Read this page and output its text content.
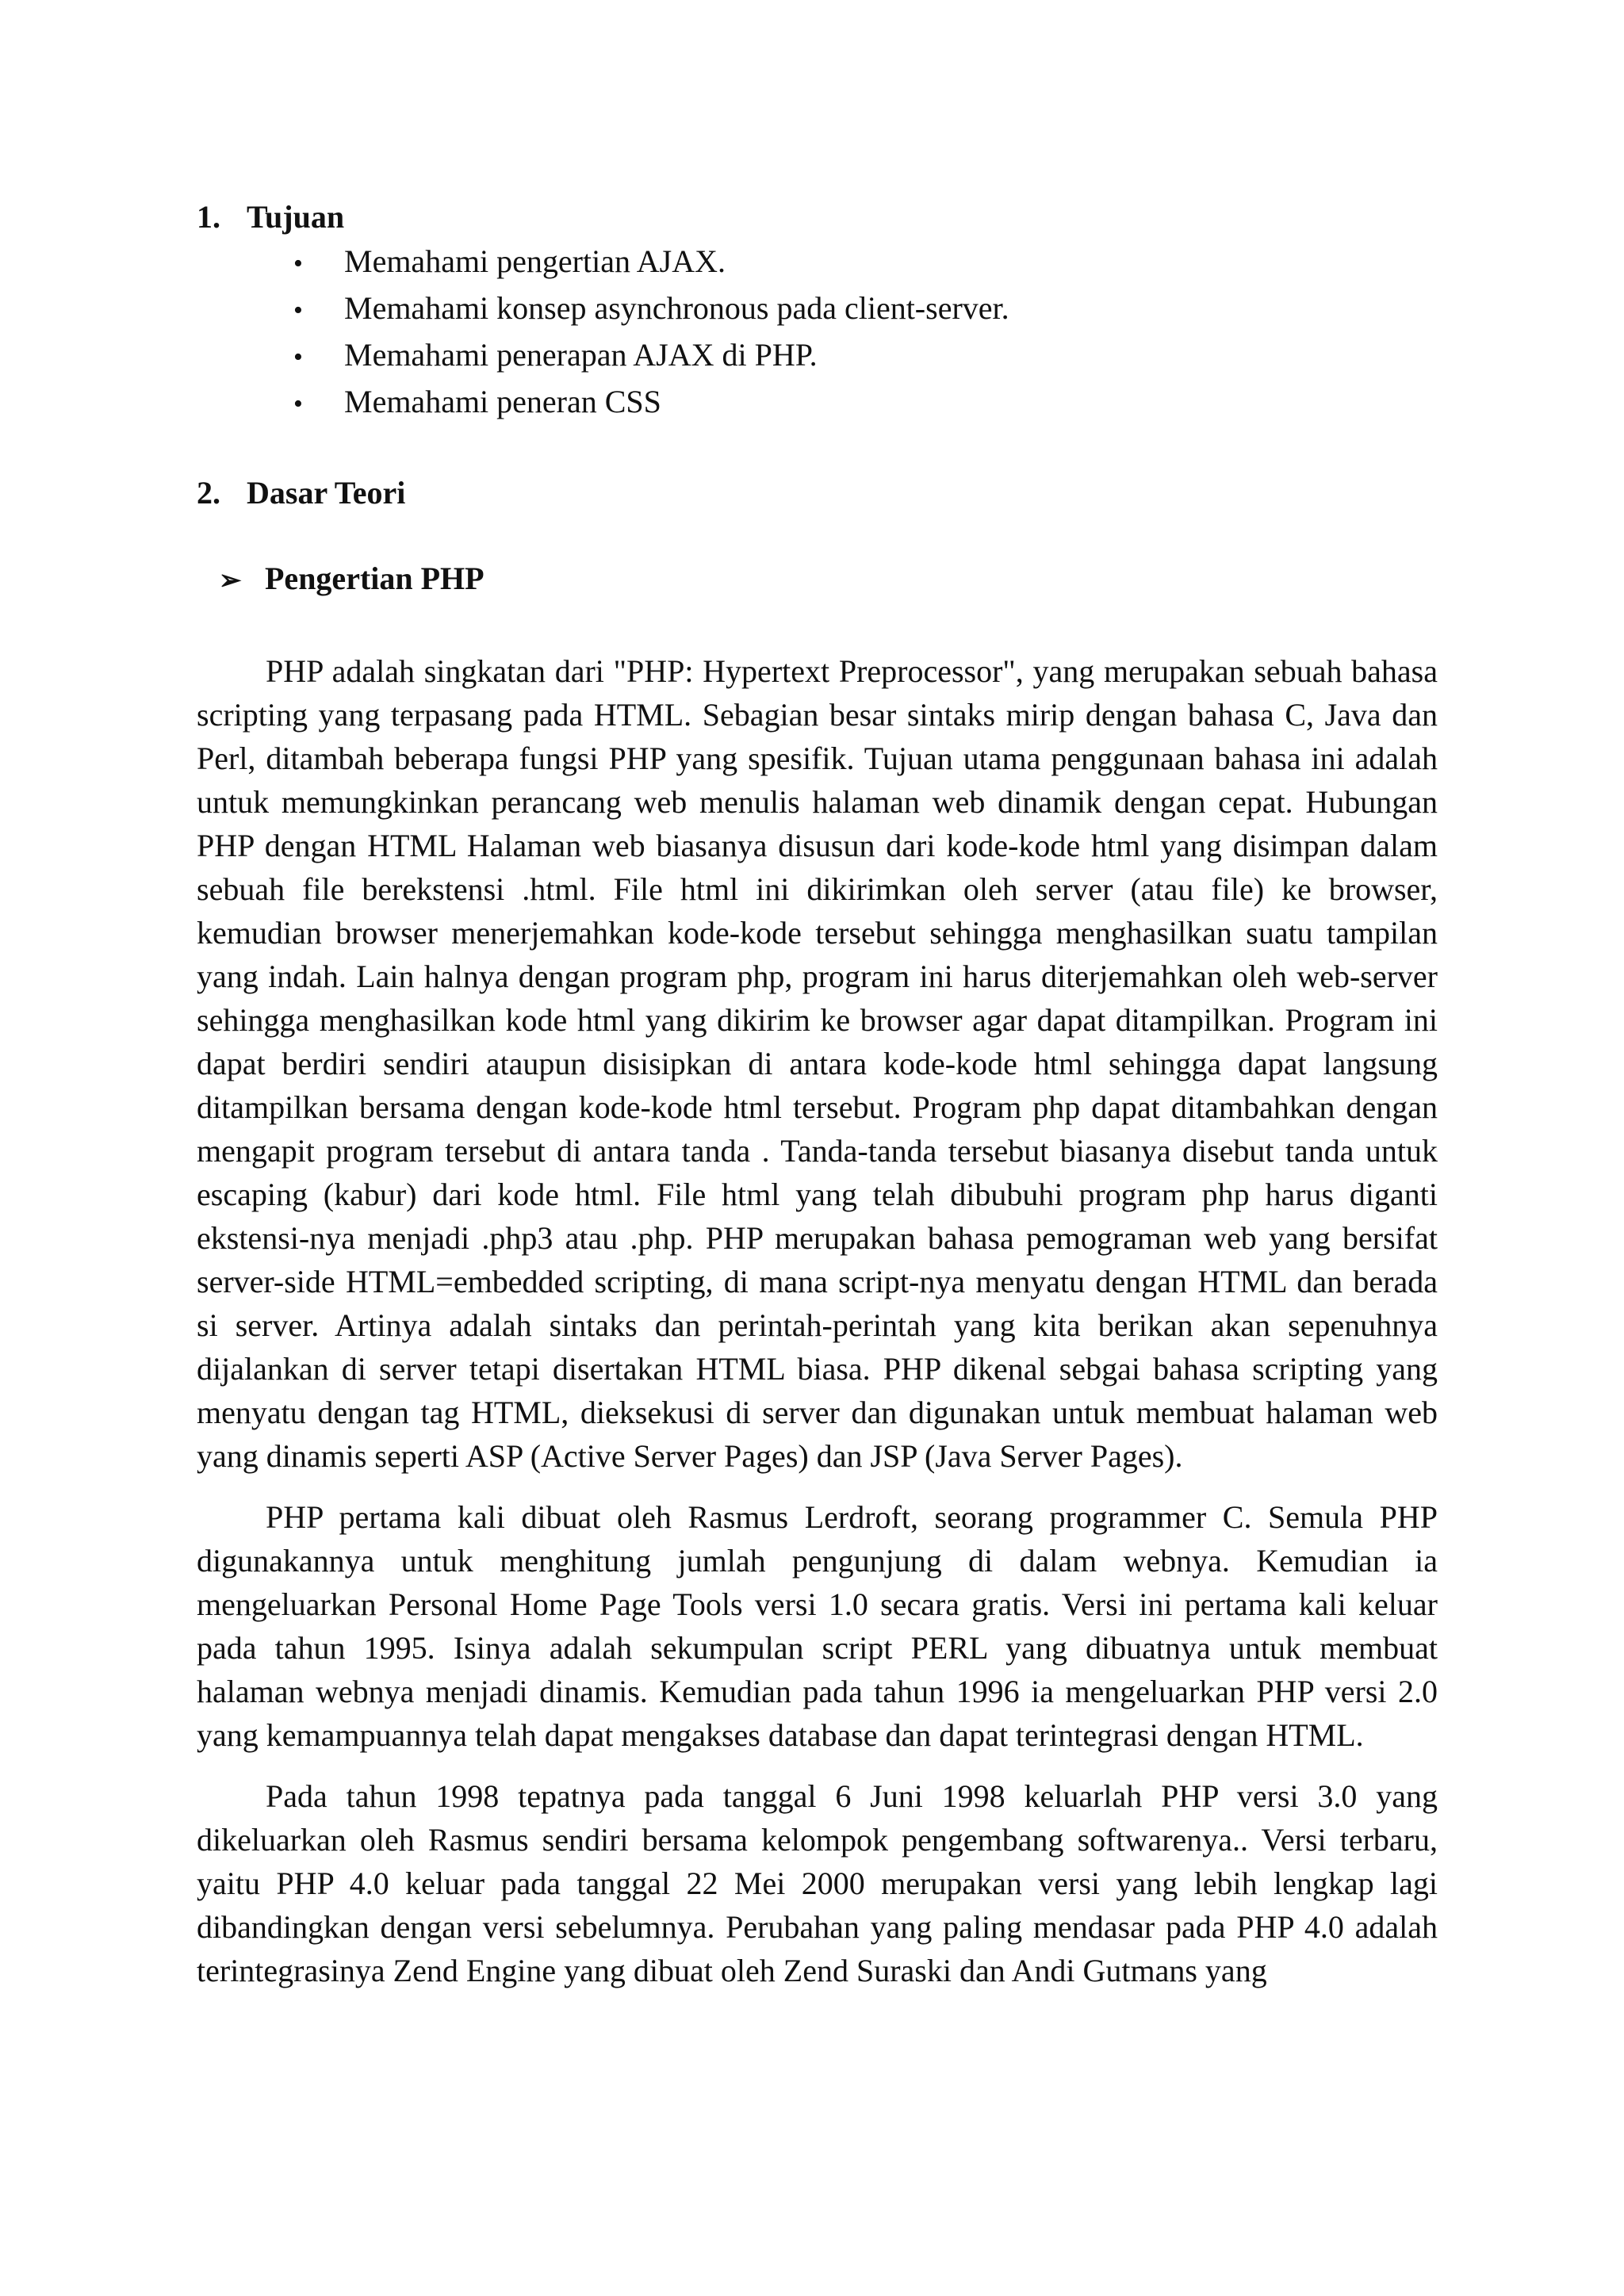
1. Tujuan
•	Memahami pengertian AJAX.
•	Memahami konsep asynchronous pada client-server.
•	Memahami penerapan AJAX di PHP.
•	Memahami peneran CSS
2. Dasar Teori
➢ Pengertian PHP

PHP adalah singkatan dari "PHP: Hypertext Preprocessor", yang merupakan sebuah bahasa scripting yang terpasang pada HTML. Sebagian besar sintaks mirip dengan bahasa C, Java dan Perl, ditambah beberapa fungsi PHP yang spesifik. Tujuan utama penggunaan bahasa ini adalah untuk memungkinkan perancang web menulis halaman web dinamik dengan cepat. Hubungan PHP dengan HTML Halaman web biasanya disusun dari kode-kode html yang disimpan dalam sebuah file berekstensi .html. File html ini dikirimkan oleh server (atau file) ke browser, kemudian browser menerjemahkan kode-kode tersebut sehingga menghasilkan suatu tampilan yang indah. Lain halnya dengan program php, program ini harus diterjemahkan oleh web-server sehingga menghasilkan kode html yang dikirim ke browser agar dapat ditampilkan. Program ini dapat berdiri sendiri ataupun disisipkan di antara kode-kode html sehingga dapat langsung ditampilkan bersama dengan kode-kode html tersebut. Program php dapat ditambahkan dengan mengapit program tersebut di antara tanda . Tanda-tanda tersebut biasanya disebut tanda untuk escaping (kabur) dari kode html. File html yang telah dibubuhi program php harus diganti ekstensi-nya menjadi .php3 atau .php. PHP merupakan bahasa pemograman web yang bersifat server-side HTML=embedded scripting, di mana script-nya menyatu dengan HTML dan berada si server. Artinya adalah sintaks dan perintah-perintah yang kita berikan akan sepenuhnya dijalankan di server tetapi disertakan HTML biasa. PHP dikenal sebgai bahasa scripting yang menyatu dengan tag HTML, dieksekusi di server dan digunakan untuk membuat halaman web yang dinamis seperti ASP (Active Server Pages) dan JSP (Java Server Pages).

PHP pertama kali dibuat oleh Rasmus Lerdroft, seorang programmer C. Semula PHP digunakannya untuk menghitung jumlah pengunjung di dalam webnya. Kemudian ia mengeluarkan Personal Home Page Tools versi 1.0 secara gratis. Versi ini pertama kali keluar pada tahun 1995. Isinya adalah sekumpulan script PERL yang dibuatnya untuk membuat halaman webnya menjadi dinamis. Kemudian pada tahun 1996 ia mengeluarkan PHP versi 2.0 yang kemampuannya telah dapat mengakses database dan dapat terintegrasi dengan HTML.

Pada tahun 1998 tepatnya pada tanggal 6 Juni 1998 keluarlah PHP versi 3.0 yang dikeluarkan oleh Rasmus sendiri bersama kelompok pengembang softwarenya.. Versi terbaru, yaitu PHP 4.0 keluar pada tanggal 22 Mei 2000 merupakan versi yang lebih lengkap lagi dibandingkan dengan versi sebelumnya. Perubahan yang paling mendasar pada PHP 4.0 adalah terintegrasinya Zend Engine yang dibuat oleh Zend Suraski dan Andi Gutmans yang
